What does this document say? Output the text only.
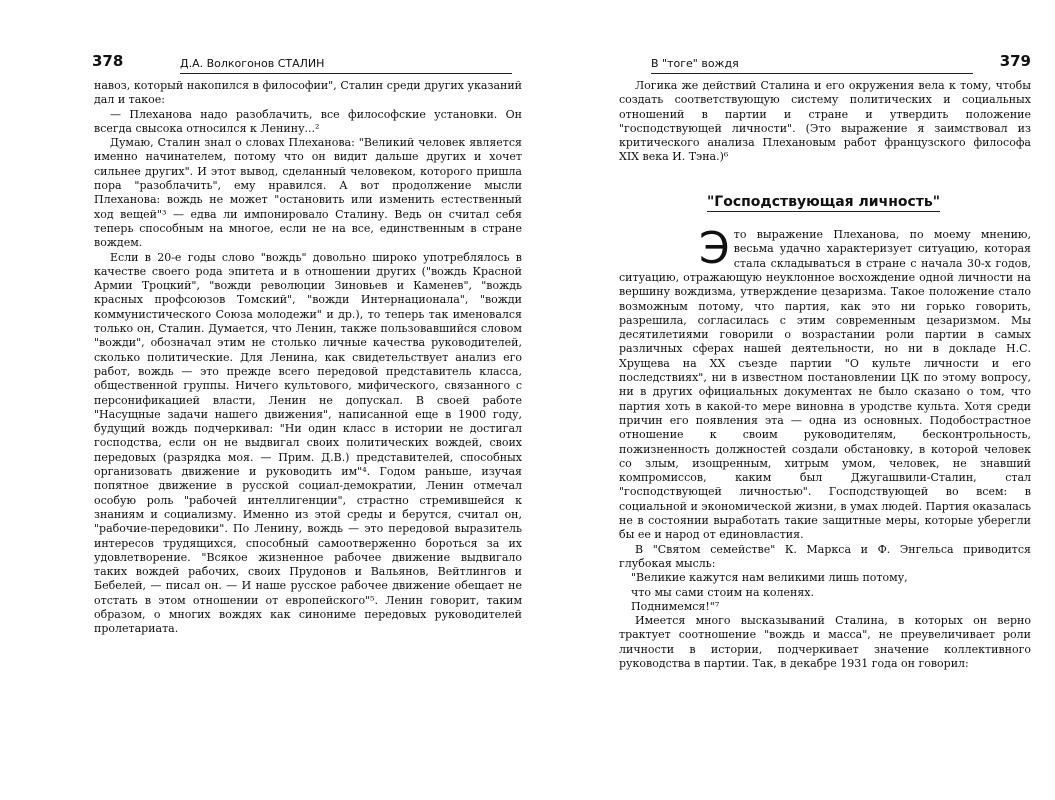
378	Д.А. Волкогонов СТАЛИН

навоз, который накопился в философии", Сталин среди других указаний дал и такое:

— Плеханова надо разоблачить, все философские установки. Он всегда свысока относился к Ленину...²

Думаю, Сталин знал о словах Плеханова: "Великий человек является именно начинателем, потому что он видит дальше других и хочет сильнее других". И этот вывод, сделанный человеком, которого пришла пора "разоблачить", ему нравился. А вот продолжение мысли Плеханова: вождь не может "остановить или изменить естественный ход вещей"³ — едва ли импонировало Сталину. Ведь он считал себя теперь способным на многое, если не на все, единственным в стране вождем.

Если в 20-е годы слово "вождь" довольно широко употреблялось в качестве своего рода эпитета и в отношении других ("вождь Красной Армии Троцкий", "вожди революции Зиновьев и Каменев", "вождь красных профсоюзов Томский", "вожди Интернационала", "вожди коммунистического Союза молодежи" и др.), то теперь так именовался только он, Сталин. Думается, что Ленин, также пользовавшийся словом "вожди", обозначал этим не столько личные качества руководителей, сколько политические. Для Ленина, как свидетельствует анализ его работ, вождь — это прежде всего передовой представитель класса, общественной группы. Ничего культового, мифического, связанного с персонификацией власти, Ленин не допускал. В своей работе "Насущные задачи нашего движения", написанной еще в 1900 году, будущий вождь подчеркивал: "Ни один класс в истории не достигал господства, если он не выдвигал своих политических вождей, своих передовых (разрядка моя. — Прим. Д.В.) представителей, способных организовать движение и руководить им"⁴. Годом раньше, изучая попятное движение в русской социал-демократии, Ленин отмечал особую роль "рабочей интеллигенции", страстно стремившейся к знаниям и социализму. Именно из этой среды и берутся, считал он, "рабочие-передовики". По Ленину, вождь — это передовой выразитель интересов трудящихся, способный самоотверженно бороться за их удовлетворение. "Всякое жизненное рабочее движение выдвигало таких вождей рабочих, своих Прудонов и Вальянов, Вейтлингов и Бебелей, — писал он. — И наше русское рабочее движение обещает не отстать в этом отношении от европейского"⁵. Ленин говорит, таким образом, о многих вождях как синониме передовых руководителей пролетариата.

В "тоге" вождя	379

Логика же действий Сталина и его окружения вела к тому, чтобы создать соответствующую систему политических и социальных отношений в партии и стране и утвердить положение "господствующей личности". (Это выражение я заимствовал из критического анализа Плехановым работ французского философа XIX века И. Тэна.)⁶

"Господствующая личность"

Это выражение Плеханова, по моему мнению, весьма удачно характеризует ситуацию, которая стала складываться в стране с начала 30-х годов, ситуацию, отражающую неуклонное восхождение одной личности на вершину вождизма, утверждение цезаризма. Такое положение стало возможным потому, что партия, как это ни горько говорить, разрешила, согласилась с этим современным цезаризмом. Мы десятилетиями говорили о возрастании роли партии в самых различных сферах нашей деятельности, но ни в докладе Н.С. Хрущева на XX съезде партии "О культе личности и его последствиях", ни в известном постановлении ЦК по этому вопросу, ни в других официальных документах не было сказано о том, что партия хоть в какой-то мере виновна в уродстве культа. Хотя среди причин его появления эта — одна из основных. Подобострастное отношение к своим руководителям, бесконтрольность, пожизненность должностей создали обстановку, в которой человек со злым, изощренным, хитрым умом, человек, не знавший компромиссов, каким был Джугашвили-Сталин, стал "господствующей личностью". Господствующей во всем: в социальной и экономической жизни, в умах людей. Партия оказалась не в состоянии выработать такие защитные меры, которые уберегли бы ее и народ от единовластия.

В "Святом семействе" К. Маркса и Ф. Энгельса приводится глубокая мысль:

"Великие кажутся нам великими лишь потому,

что мы сами стоим на коленях.

Поднимемся!"⁷

Имеется много высказываний Сталина, в которых он верно трактует соотношение "вождь и масса", не преувеличивает роли личности в истории, подчеркивает значение коллективного руководства в партии. Так, в декабре 1931 года он говорил:
